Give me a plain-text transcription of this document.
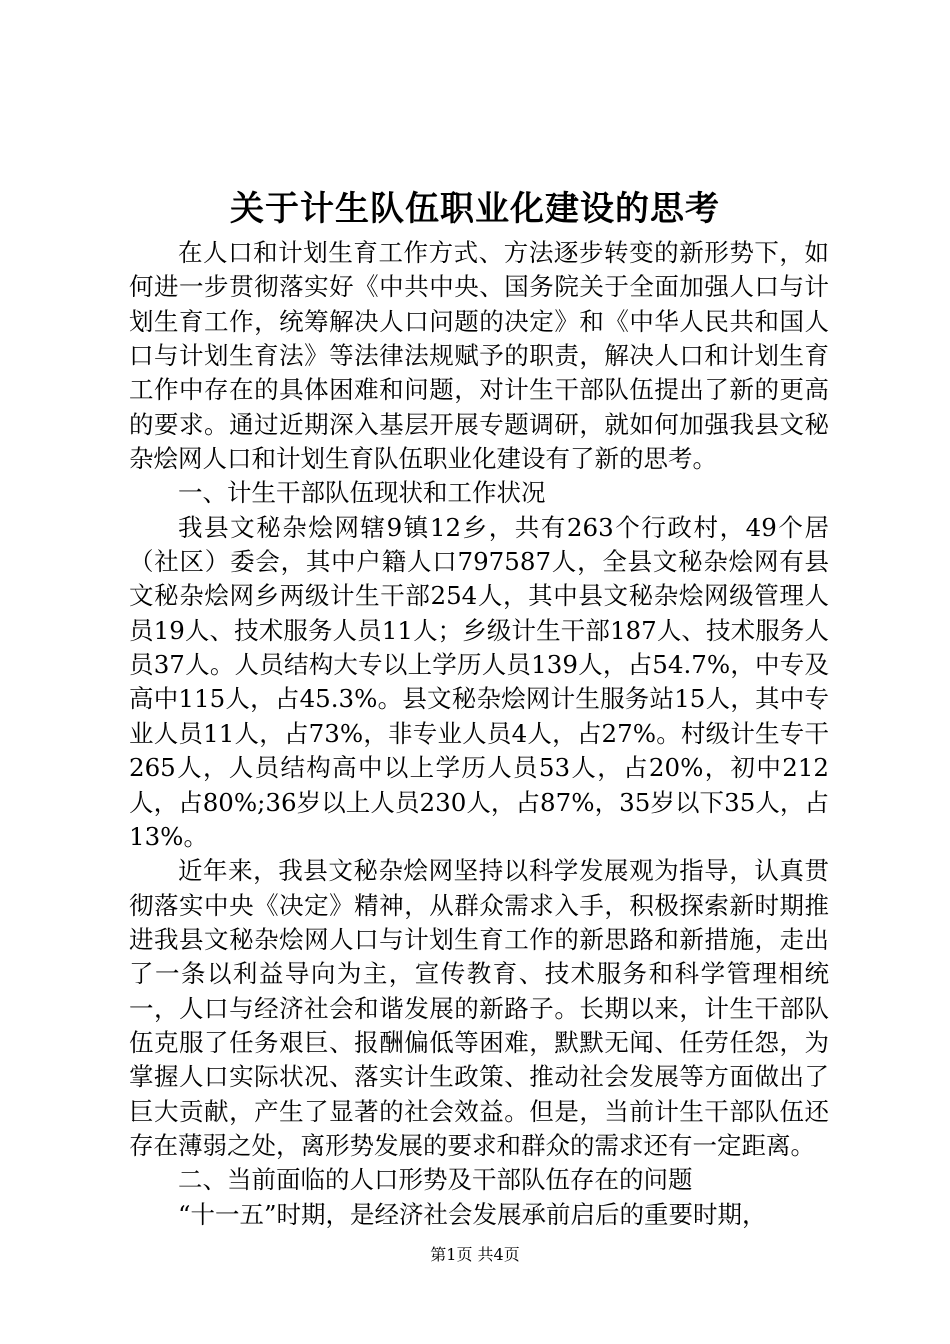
关于计生队伍职业化建设的思考

在人口和计划生育工作方式、方法逐步转变的新形势下，如何进一步贯彻落实好《中共中央、国务院关于全面加强人口与计划生育工作，统筹解决人口问题的决定》和《中华人民共和国人口与计划生育法》等法律法规赋予的职责，解决人口和计划生育工作中存在的具体困难和问题，对计生干部队伍提出了新的更高的要求。通过近期深入基层开展专题调研，就如何加强我县文秘杂烩网人口和计划生育队伍职业化建设有了新的思考。

一、计生干部队伍现状和工作状况

我县文秘杂烩网辖9镇12乡，共有263个行政村，49个居（社区）委会，其中户籍人口797587人，全县文秘杂烩网有县文秘杂烩网乡两级计生干部254人，其中县文秘杂烩网级管理人员19人、技术服务人员11人；乡级计生干部187人、技术服务人员37人。人员结构大专以上学历人员139人，占54.7%，中专及高中115人，占45.3%。县文秘杂烩网计生服务站15人，其中专业人员11人，占73%，非专业人员4人，占27%。村级计生专干265人，人员结构高中以上学历人员53人，占20%，初中212人，占80%;36岁以上人员230人，占87%，35岁以下35人，占13%。

近年来，我县文秘杂烩网坚持以科学发展观为指导，认真贯彻落实中央《决定》精神，从群众需求入手，积极探索新时期推进我县文秘杂烩网人口与计划生育工作的新思路和新措施，走出了一条以利益导向为主，宣传教育、技术服务和科学管理相统一，人口与经济社会和谐发展的新路子。长期以来，计生干部队伍克服了任务艰巨、报酬偏低等困难，默默无闻、任劳任怨，为掌握人口实际状况、落实计生政策、推动社会发展等方面做出了巨大贡献，产生了显著的社会效益。但是，当前计生干部队伍还存在薄弱之处，离形势发展的要求和群众的需求还有一定距离。

二、当前面临的人口形势及干部队伍存在的问题

“十一五”时期，是经济社会发展承前启后的重要时期，

第1页 共4页
